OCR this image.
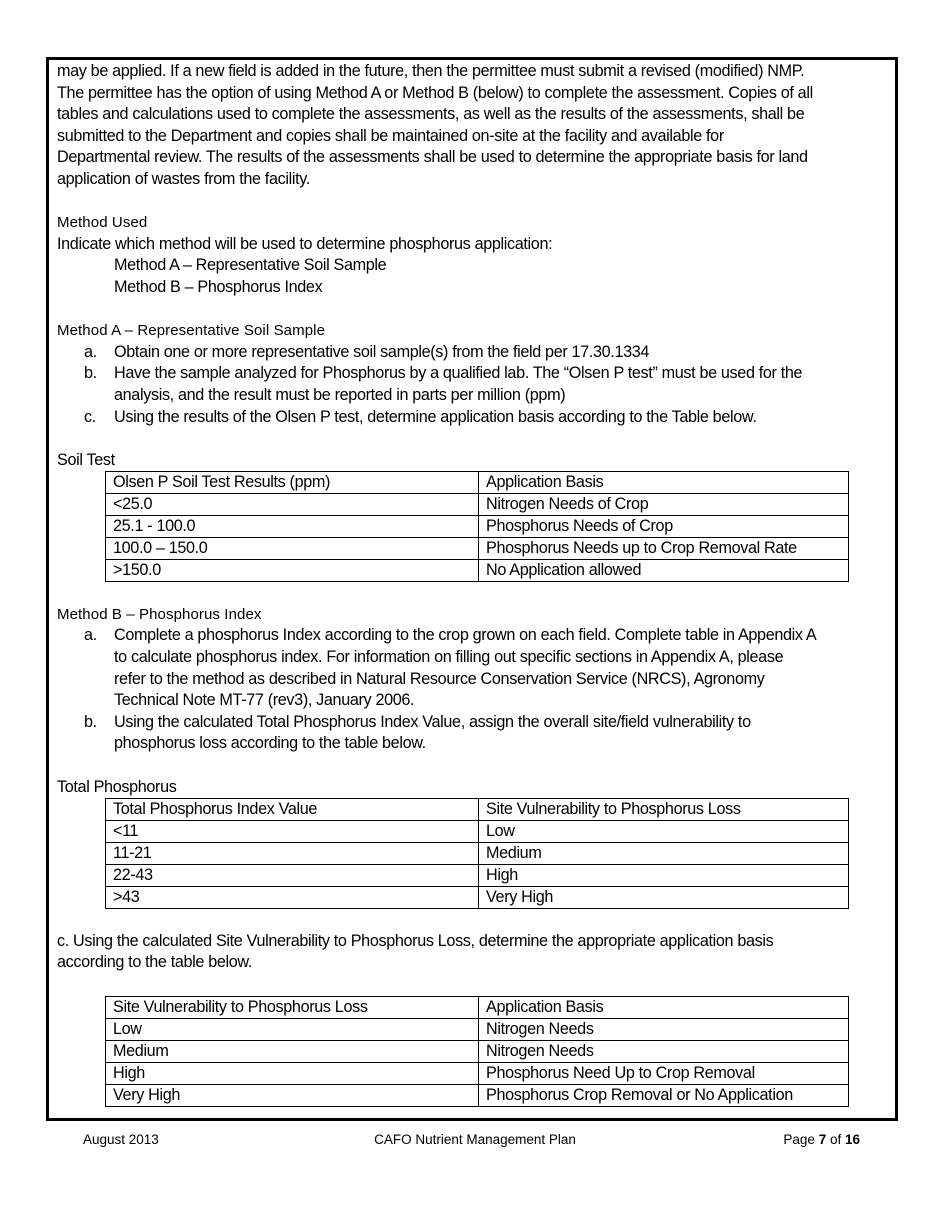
may be applied. If a new field is added in the future, then the permittee must submit a revised (modified) NMP.

The permittee has the option of using Method A or Method B (below) to complete the assessment. Copies of all

tables and calculations used to complete the assessments, as well as the results of the assessments, shall be

submitted to the Department and copies shall be maintained on-site at the facility and available for

Departmental review. The results of the assessments shall be used to determine the appropriate basis for land

application of wastes from the facility.

Method Used

Indicate which method will be used to determine phosphorus application:

Method A – Representative Soil Sample

Method B – Phosphorus Index

Method A – Representative Soil Sample

a. Obtain one or more representative soil sample(s) from the field per 17.30.1334

b. Have the sample analyzed for Phosphorus by a qualified lab. The “Olsen P test” must be used for the

analysis, and the result must be reported in parts per million (ppm)

c. Using the results of the Olsen P test, determine application basis according to the Table below.

Soil Test

Olsen P Soil Test Results (ppm)	Application Basis
<25.0	Nitrogen Needs of Crop
25.1 - 100.0	Phosphorus Needs of Crop
100.0 – 150.0	Phosphorus Needs up to Crop Removal Rate
>150.0	No Application allowed

Method B – Phosphorus Index

a. Complete a phosphorus Index according to the crop grown on each field. Complete table in Appendix A

to calculate phosphorus index. For information on filling out specific sections in Appendix A, please

refer to the method as described in Natural Resource Conservation Service (NRCS), Agronomy

Technical Note MT-77 (rev3), January 2006.

b. Using the calculated Total Phosphorus Index Value, assign the overall site/field vulnerability to

phosphorus loss according to the table below.

Total Phosphorus

Total Phosphorus Index Value	Site Vulnerability to Phosphorus Loss
<11	Low
11-21	Medium
22-43	High
>43	Very High

c. Using the calculated Site Vulnerability to Phosphorus Loss, determine the appropriate application basis

according to the table below.

Site Vulnerability to Phosphorus Loss	Application Basis
Low	Nitrogen Needs
Medium	Nitrogen Needs
High	Phosphorus Need Up to Crop Removal
Very High	Phosphorus Crop Removal or No Application
August 2013	CAFO Nutrient Management Plan	Page 7 of 16
